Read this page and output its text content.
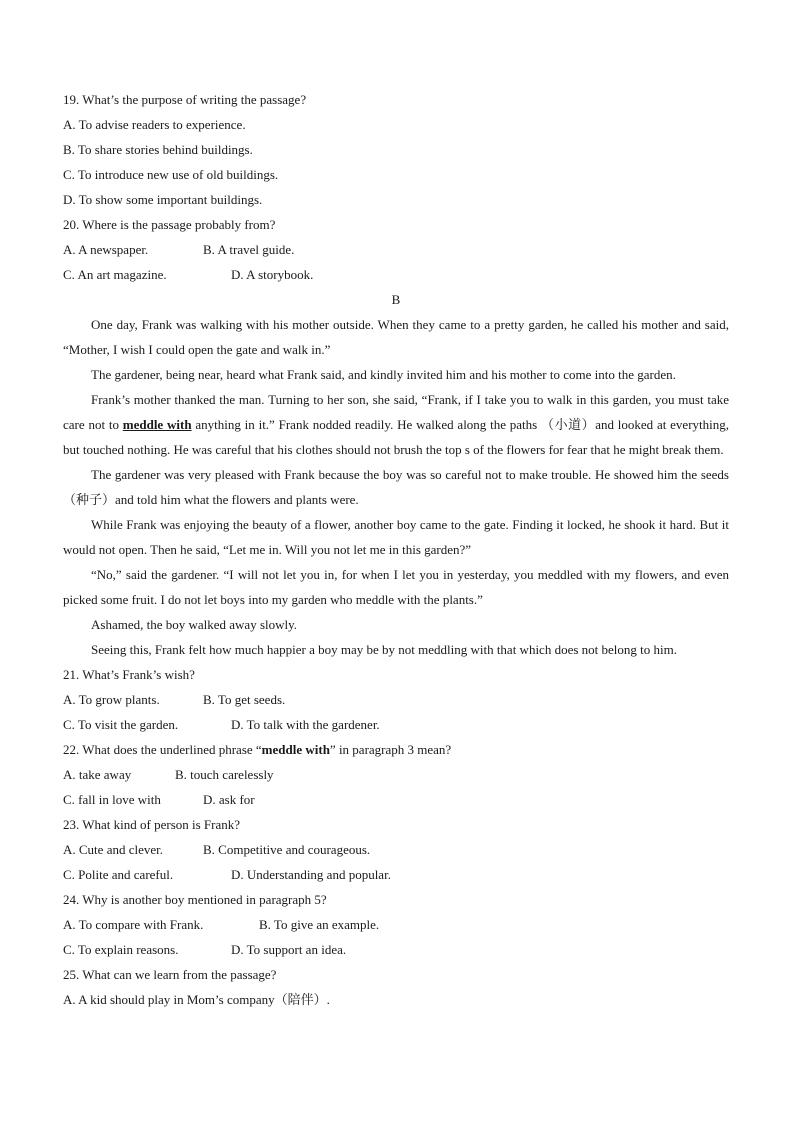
19. What’s the purpose of writing the passage?
A. To advise readers to experience.
B. To share stories behind buildings.
C. To introduce new use of old buildings.
D. To show some important buildings.
20. Where is the passage probably from?
A. A newspaper.	B. A travel guide.
C. An art magazine.	D. A storybook.
B
One day, Frank was walking with his mother outside. When they came to a pretty garden, he called his mother and said, “Mother, I wish I could open the gate and walk in.”
The gardener, being near, heard what Frank said, and kindly invited him and his mother to come into the garden.
Frank’s mother thanked the man. Turning to her son, she said, “Frank, if I take you to walk in this garden, you must take care not to meddle with anything in it.” Frank nodded readily. He walked along the paths （小道）and looked at everything, but touched nothing. He was careful that his clothes should not brush the top s of the flowers for fear that he might break them.
The gardener was very pleased with Frank because the boy was so careful not to make trouble. He showed him the seeds（种子）and told him what the flowers and plants were.
While Frank was enjoying the beauty of a flower, another boy came to the gate. Finding it locked, he shook it hard. But it would not open. Then he said, “Let me in. Will you not let me in this garden?”
“No,” said the gardener. “I will not let you in, for when I let you in yesterday, you meddled with my flowers, and even picked some fruit. I do not let boys into my garden who meddle with the plants.”
Ashamed, the boy walked away slowly.
Seeing this, Frank felt how much happier a boy may be by not meddling with that which does not belong to him.
21. What’s Frank’s wish?
A. To grow plants.	B. To get seeds.
C. To visit the garden.	D. To talk with the gardener.
22. What does the underlined phrase “meddle with” in paragraph 3 mean?
A. take away	B. touch carelessly
C. fall in love with	D. ask for
23. What kind of person is Frank?
A. Cute and clever.	B. Competitive and courageous.
C. Polite and careful.	D. Understanding and popular.
24. Why is another boy mentioned in paragraph 5?
A. To compare with Frank.	B. To give an example.
C. To explain reasons.	D. To support an idea.
25. What can we learn from the passage?
A. A kid should play in Mom’s company（陪伴）.
